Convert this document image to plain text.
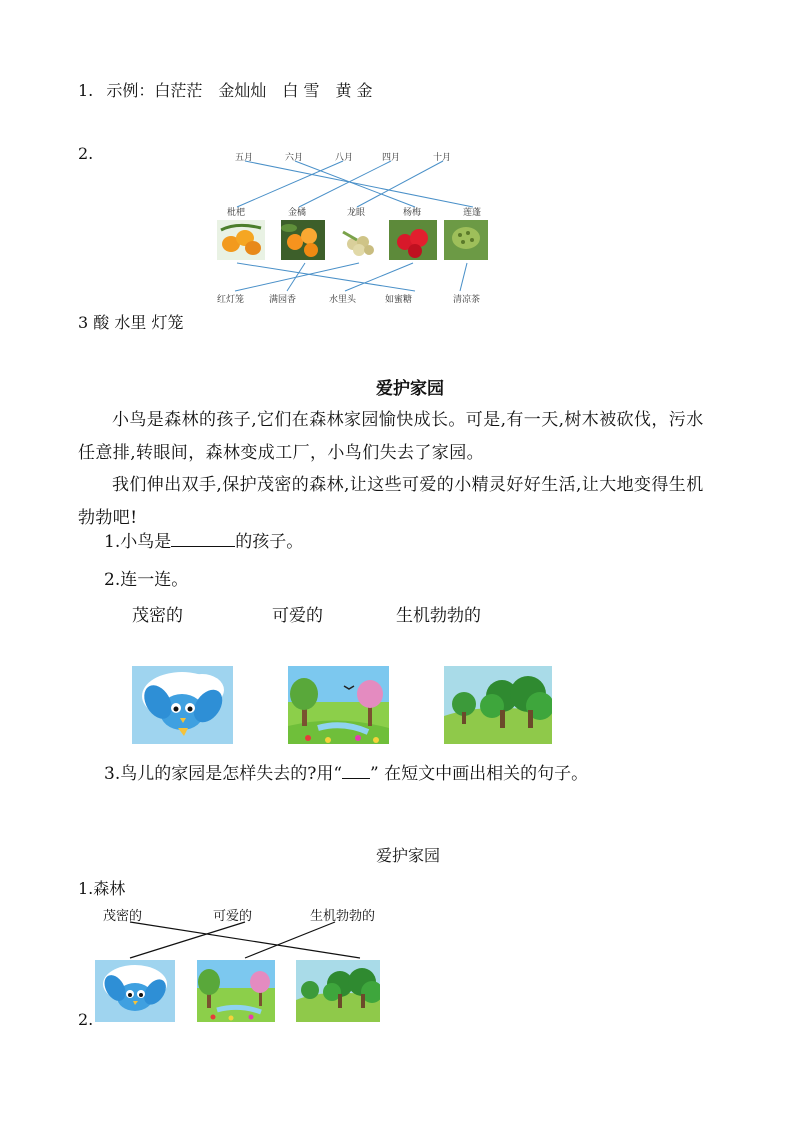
1. 示例：白茫茫　金灿灿　白 雪　黄 金
2.	五月	六月	八月	四月	十月
枇杷	金橘	龙眼	杨梅	莲蓬
红灯笼	满园香	水里头	如蜜糖	清凉茶
3 酸 水里 灯笼
爱护家园
小鸟是森林的孩子,它们在森林家园愉快成长。可是,有一天,树木被砍伐，污水任意排,转眼间，森林变成工厂，小鸟们失去了家园。
我们伸出双手,保护茂密的森林,让这些可爱的小精灵好好生活,让大地变得生机勃勃吧!
1.小鸟是	的孩子。
2.连一连。
茂密的	可爱的	生机勃勃的
3.鸟儿的家园是怎样失去的?用“ ” 在短文中画出相关的句子。
爱护家园
1.森林
茂密的	可爱的	生机勃勃的
2.
